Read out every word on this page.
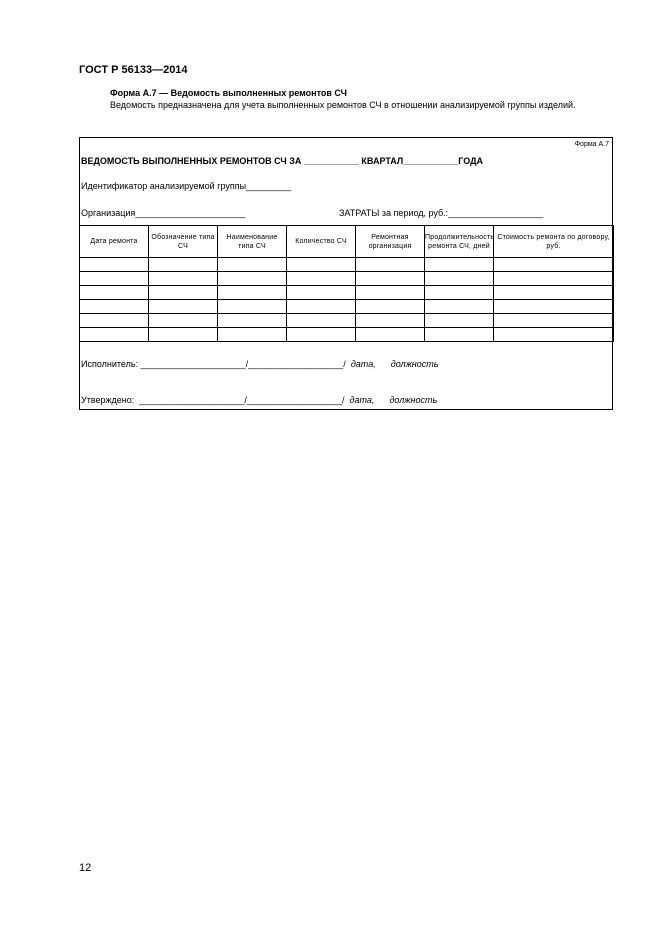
ГОСТ Р 56133—2014
Форма А.7 — Ведомость выполненных ремонтов СЧ
Ведомость предназначена для учета выполненных ремонтов СЧ в отношении анализируемой группы изделий.
Форма А.7
ВЕДОМОСТЬ ВЫПОЛНЕННЫХ РЕМОНТОВ СЧ ЗА ___________ КВАРТАЛ___________ГОДА
Идентификатор анализируемой группы_________
Организация______________________	ЗАТРАТЫ за период, руб.:___________________
Дата ремонта	Обозначение типа СЧ	Наименование типа СЧ	Количество СЧ	Ремонтная организация	Продолжительность ремонта СЧ, дней	Стоимость ремонта по договору, руб.

Исполнитель: _____________________/___________________/ дата, должность
Утверждено:  _____________________/___________________/ дата, должность
12
